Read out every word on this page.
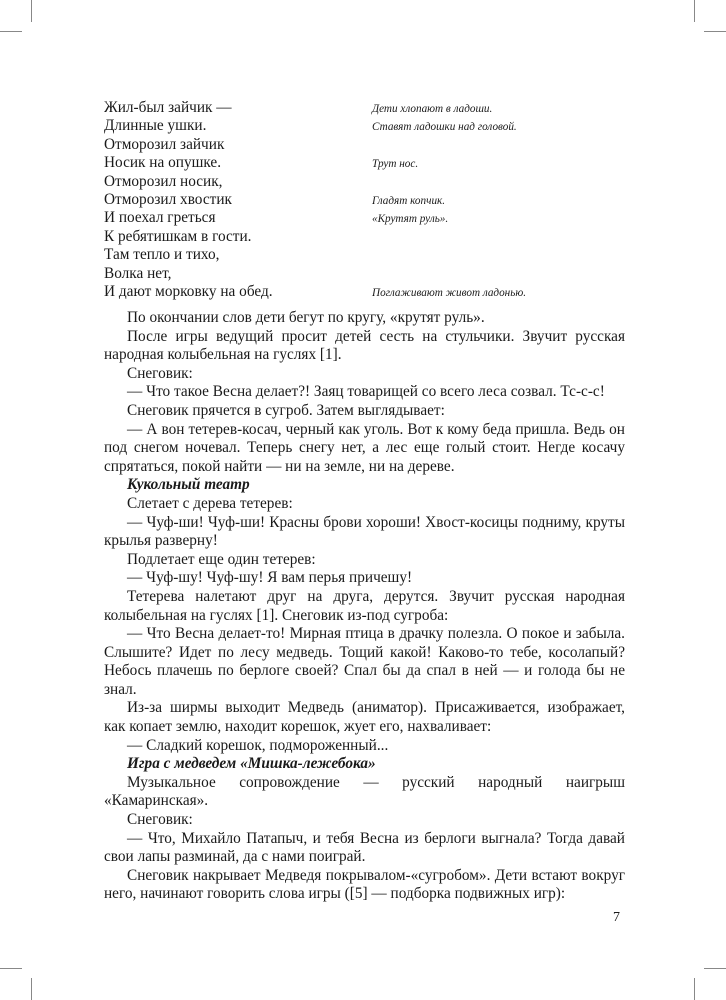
Жил-был зайчик —	Дети хлопают в ладоши.
Длинные ушки.	Ставят ладошки над головой.
Отморозил зайчик
Носик на опушке.	Трут нос.
Отморозил носик,
Отморозил хвостик	Гладят копчик.
И поехал греться	«Крутят руль».
К ребятишкам в гости.
Там тепло и тихо,
Волка нет,
И дают морковку на обед.	Поглаживают живот ладонью.

По окончании слов дети бегут по кругу, «крутят руль».

После игры ведущий просит детей сесть на стульчики. Звучит русская народная колыбельная на гуслях [1].

Снеговик:

— Что такое Весна делает?! Заяц товарищей со всего леса созвал. Тс-с-с!

Снеговик прячется в сугроб. Затем выглядывает:

— А вон тетерев-косач, черный как уголь. Вот к кому беда пришла. Ведь он под снегом ночевал. Теперь снегу нет, а лес еще голый стоит. Негде косачу спрятаться, покой найти — ни на земле, ни на дереве.

Кукольный театр

Слетает с дерева тетерев:

— Чуф-ши! Чуф-ши! Красны брови хороши! Хвост-косицы подниму, круты крылья разверну!

Подлетает еще один тетерев:

— Чуф-шу! Чуф-шу! Я вам перья причешу!

Тетерева налетают друг на друга, дерутся. Звучит русская народная колыбельная на гуслях [1]. Снеговик из-под сугроба:

— Что Весна делает-то! Мирная птица в драчку полезла. О покое и забыла. Слышите? Идет по лесу медведь. Тощий какой! Каково-то тебе, косолапый? Небось плачешь по берлоге своей? Спал бы да спал в ней — и голода бы не знал.

Из-за ширмы выходит Медведь (аниматор). Присаживается, изображает, как копает землю, находит корешок, жует его, нахваливает:

— Сладкий корешок, подмороженный...

Игра с медведем «Мишка-лежебока»

Музыкальное сопровождение — русский народный наигрыш «Камаринская».

Снеговик:

— Что, Михайло Патапыч, и тебя Весна из берлоги выгнала? Тогда давай свои лапы разминай, да с нами поиграй.

Снеговик накрывает Медведя покрывалом-«сугробом». Дети встают вокруг него, начинают говорить слова игры ([5] — подборка подвижных игр):

7
